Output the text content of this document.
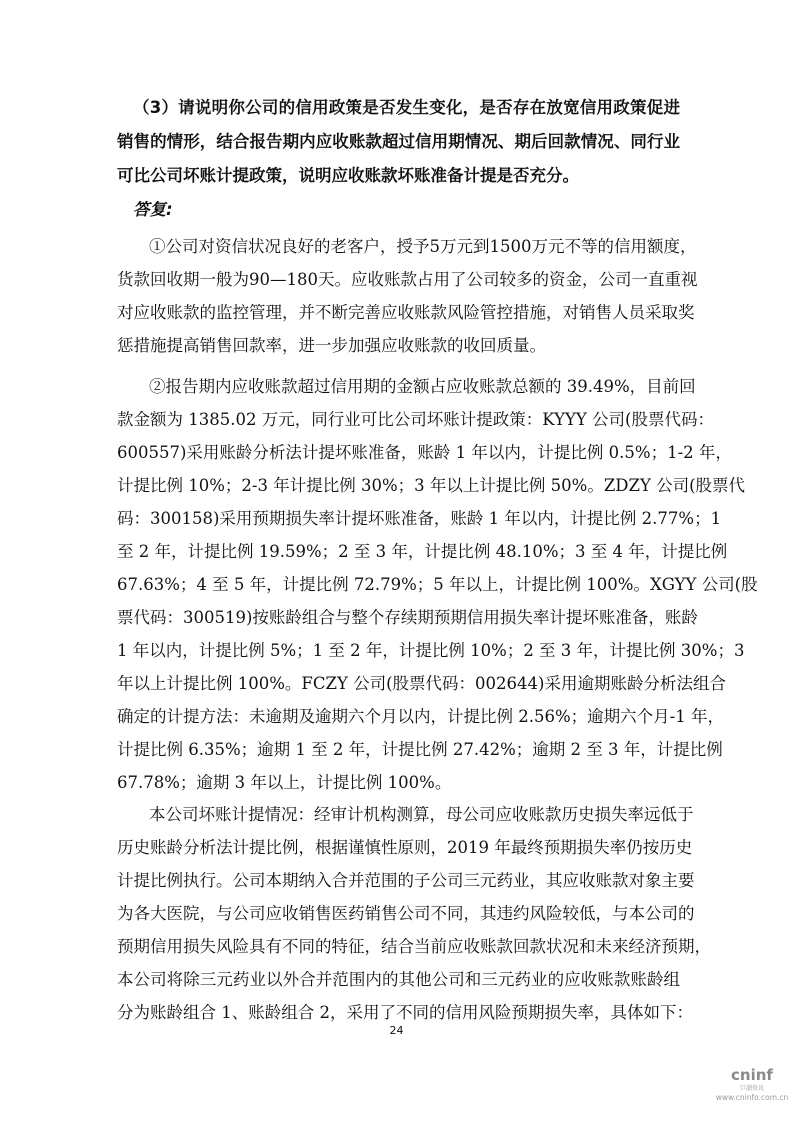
（3）请说明你公司的信用政策是否发生变化，是否存在放宽信用政策促进
销售的情形，结合报告期内应收账款超过信用期情况、期后回款情况、同行业
可比公司坏账计提政策，说明应收账款坏账准备计提是否充分。
答复:
①公司对资信状况良好的老客户，授予5万元到1500万元不等的信用额度，
货款回收期一般为90—180天。应收账款占用了公司较多的资金，公司一直重视
对应收账款的监控管理，并不断完善应收账款风险管控措施，对销售人员采取奖
惩措施提高销售回款率，进一步加强应收账款的收回质量。
②报告期内应收账款超过信用期的金额占应收账款总额的 39.49%，目前回
款金额为 1385.02 万元，同行业可比公司坏账计提政策：KYYY 公司(股票代码：
600557)采用账龄分析法计提坏账准备，账龄 1 年以内，计提比例 0.5%；1-2 年，
计提比例 10%；2-3 年计提比例 30%；3 年以上计提比例 50%。ZDZY 公司(股票代
码：300158)采用预期损失率计提坏账准备，账龄 1 年以内，计提比例 2.77%；1
至 2 年，计提比例 19.59%；2 至 3 年，计提比例 48.10%；3 至 4 年，计提比例
67.63%；4 至 5 年，计提比例 72.79%；5 年以上，计提比例 100%。XGYY 公司(股
票代码：300519)按账龄组合与整个存续期预期信用损失率计提坏账准备，账龄
1 年以内，计提比例 5%；1 至 2 年，计提比例 10%；2 至 3 年，计提比例 30%；3
年以上计提比例 100%。FCZY 公司(股票代码：002644)采用逾期账龄分析法组合
确定的计提方法：未逾期及逾期六个月以内，计提比例 2.56%；逾期六个月-1 年，
计提比例 6.35%；逾期 1 至 2 年，计提比例 27.42%；逾期 2 至 3 年，计提比例
67.78%；逾期 3 年以上，计提比例 100%。
本公司坏账计提情况：经审计机构测算，母公司应收账款历史损失率远低于
历史账龄分析法计提比例，根据谨慎性原则，2019 年最终预期损失率仍按历史
计提比例执行。公司本期纳入合并范围的子公司三元药业，其应收账款对象主要
为各大医院，与公司应收销售医药销售公司不同，其违约风险较低，与本公司的
预期信用损失风险具有不同的特征，结合当前应收账款回款状况和未来经济预期，
本公司将除三元药业以外合并范围内的其他公司和三元药业的应收账款账龄组
分为账龄组合 1、账龄组合 2，采用了不同的信用风险预期损失率，具体如下：
24
cninf
巨潮资讯
www.cninfo.com.cn
